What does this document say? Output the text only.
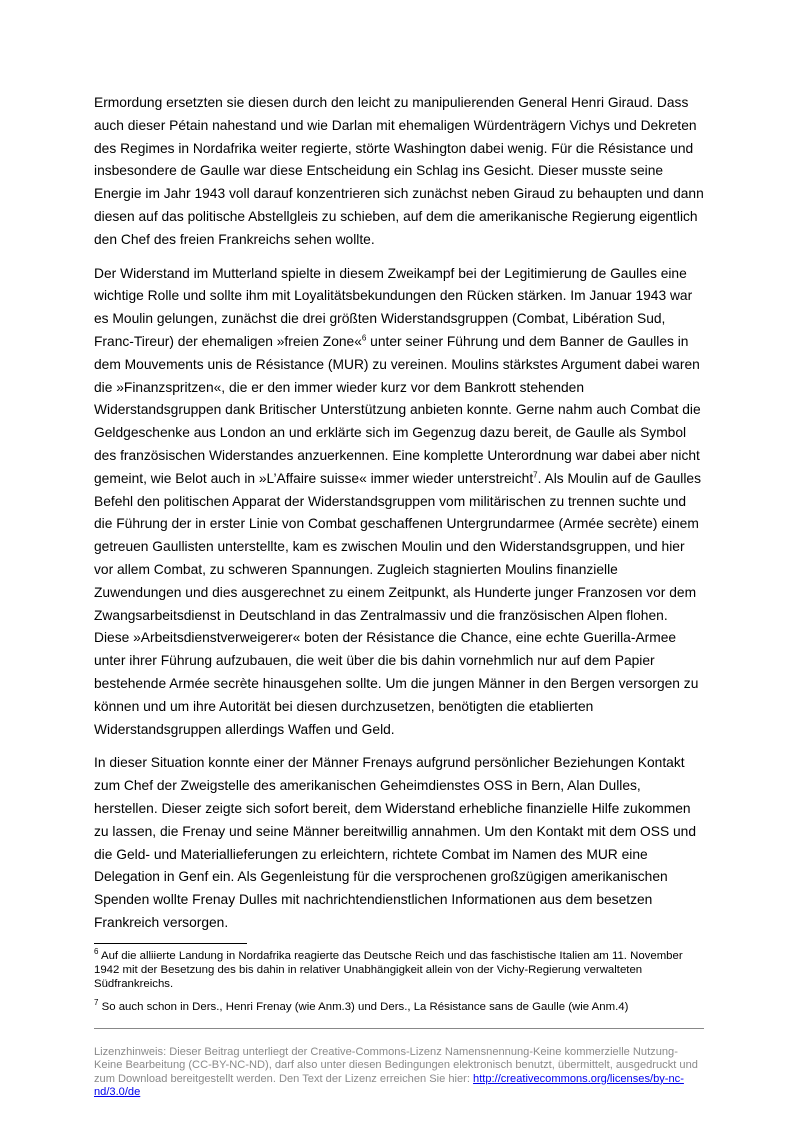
Ermordung ersetzten sie diesen durch den leicht zu manipulierenden General Henri Giraud. Dass auch dieser Pétain nahestand und wie Darlan mit ehemaligen Würdenträgern Vichys und Dekreten des Regimes in Nordafrika weiter regierte, störte Washington dabei wenig. Für die Résistance und insbesondere de Gaulle war diese Entscheidung ein Schlag ins Gesicht. Dieser musste seine Energie im Jahr 1943 voll darauf konzentrieren sich zunächst neben Giraud zu behaupten und dann diesen auf das politische Abstellgleis zu schieben, auf dem die amerikanische Regierung eigentlich den Chef des freien Frankreichs sehen wollte.

Der Widerstand im Mutterland spielte in diesem Zweikampf bei der Legitimierung de Gaulles eine wichtige Rolle und sollte ihm mit Loyalitätsbekundungen den Rücken stärken. Im Januar 1943 war es Moulin gelungen, zunächst die drei größten Widerstandsgruppen (Combat, Libération Sud, Franc-Tireur) der ehemaligen »freien Zone«$^6$ unter seiner Führung und dem Banner de Gaulles in dem Mouvements unis de Résistance (MUR) zu vereinen. Moulins stärkstes Argument dabei waren die »Finanzspritzen«, die er den immer wieder kurz vor dem Bankrott stehenden Widerstandsgruppen dank Britischer Unterstützung anbieten konnte. Gerne nahm auch Combat die Geldgeschenke aus London an und erklärte sich im Gegenzug dazu bereit, de Gaulle als Symbol des französischen Widerstandes anzuerkennen. Eine komplette Unterordnung war dabei aber nicht gemeint, wie Belot auch in »L’Affaire suisse« immer wieder unterstreicht$^7$. Als Moulin auf de Gaulles Befehl den politischen Apparat der Widerstandsgruppen vom militärischen zu trennen suchte und die Führung der in erster Linie von Combat geschaffenen Untergrundarmee (Armée secrète) einem getreuen Gaullisten unterstellte, kam es zwischen Moulin und den Widerstandsgruppen, und hier vor allem Combat, zu schweren Spannungen. Zugleich stagnierten Moulins finanzielle Zuwendungen und dies ausgerechnet zu einem Zeitpunkt, als Hunderte junger Franzosen vor dem Zwangsarbeitsdienst in Deutschland in das Zentralmassiv und die französischen Alpen flohen. Diese »Arbeitsdienstverweigerer« boten der Résistance die Chance, eine echte Guerilla-Armee unter ihrer Führung aufzubauen, die weit über die bis dahin vornehmlich nur auf dem Papier bestehende Armée secrète hinausgehen sollte. Um die jungen Männer in den Bergen versorgen zu können und um ihre Autorität bei diesen durchzusetzen, benötigten die etablierten Widerstandsgruppen allerdings Waffen und Geld.

In dieser Situation konnte einer der Männer Frenays aufgrund persönlicher Beziehungen Kontakt zum Chef der Zweigstelle des amerikanischen Geheimdienstes OSS in Bern, Alan Dulles, herstellen. Dieser zeigte sich sofort bereit, dem Widerstand erhebliche finanzielle Hilfe zukommen zu lassen, die Frenay und seine Männer bereitwillig annahmen. Um den Kontakt mit dem OSS und die Geld- und Materiallieferungen zu erleichtern, richtete Combat im Namen des MUR eine Delegation in Genf ein. Als Gegenleistung für die versprochenen großzügigen amerikanischen Spenden wollte Frenay Dulles mit nachrichtendienstlichen Informationen aus dem besetzen Frankreich versorgen.

$^6$ Auf die alliierte Landung in Nordafrika reagierte das Deutsche Reich und das faschistische Italien am 11. November 1942 mit der Besetzung des bis dahin in relativer Unabhängigkeit allein von der Vichy-Regierung verwalteten Südfrankreichs.

$^7$ So auch schon in Ders., Henri Frenay (wie Anm.3) und Ders., La Résistance sans de Gaulle (wie Anm.4)

Lizenzhinweis: Dieser Beitrag unterliegt der Creative-Commons-Lizenz Namensnennung-Keine kommerzielle Nutzung-Keine Bearbeitung (CC-BY-NC-ND), darf also unter diesen Bedingungen elektronisch benutzt, übermittelt, ausgedruckt und zum Download bereitgestellt werden. Den Text der Lizenz erreichen Sie hier: http://creativecommons.org/licenses/by-nc-nd/3.0/de
